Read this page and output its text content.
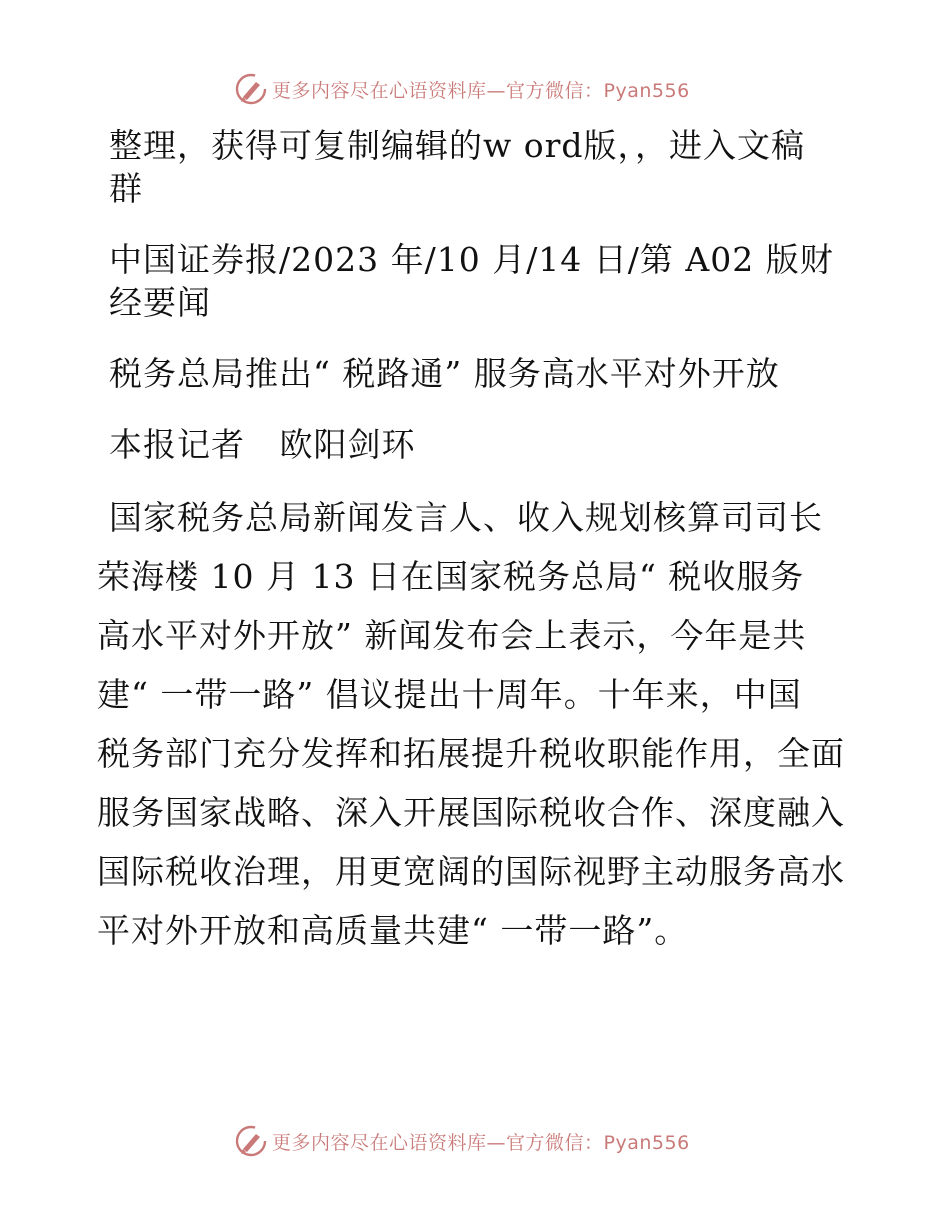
更多内容尽在心语资料库—官方微信：Pyan556
整理，获得可复制编辑的w ord版，，进入文稿
群
中国证券报/2023 年/10 月/14 日/第 A02 版财
经要闻
税务总局推出“ 税路通” 服务高水平对外开放
本报记者   欧阳剑环
国家税务总局新闻发言人、收入规划核算司司长
荣海楼 10 月 13 日在国家税务总局“ 税收服务
高水平对外开放” 新闻发布会上表示，今年是共
建“ 一带一路” 倡议提出十周年。十年来，中国
税务部门充分发挥和拓展提升税收职能作用，全面
服务国家战略、深入开展国际税收合作、深度融入
国际税收治理，用更宽阔的国际视野主动服务高水
平对外开放和高质量共建“ 一带一路”。
更多内容尽在心语资料库—官方微信：Pyan556
